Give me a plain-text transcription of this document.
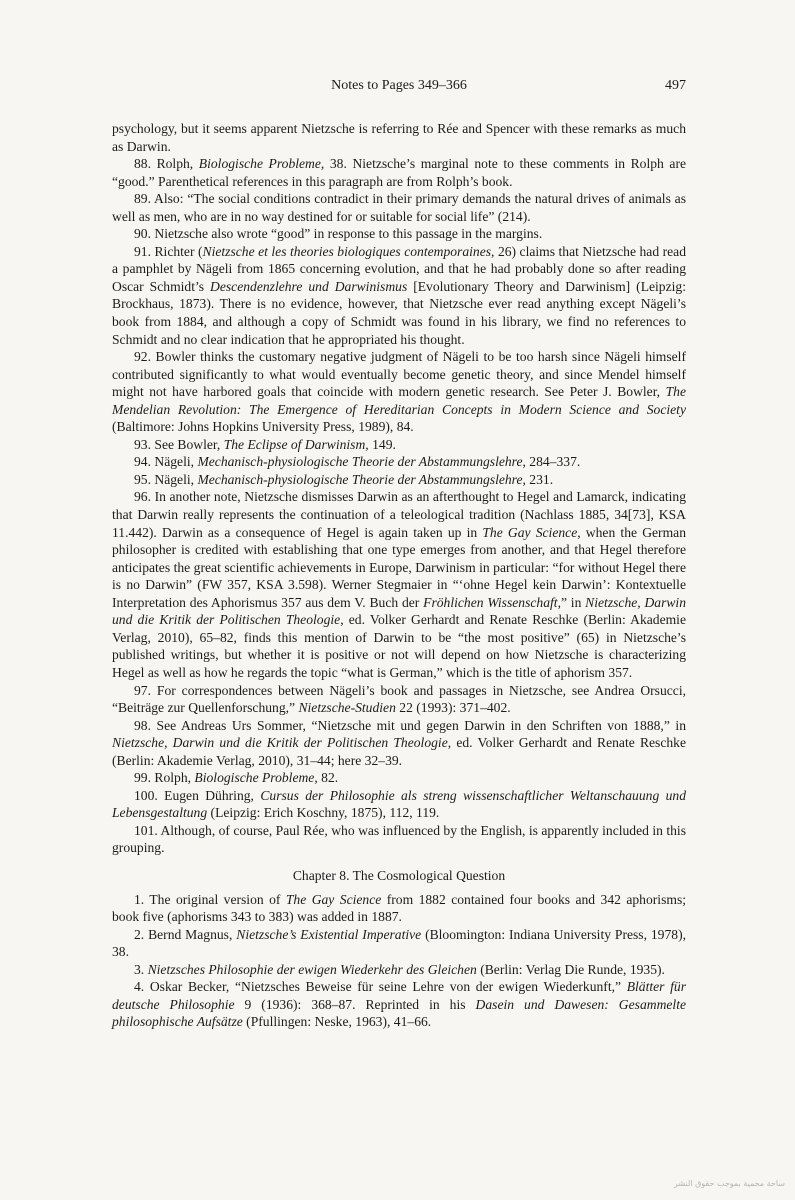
Notes to Pages 349–366	497

psychology, but it seems apparent Nietzsche is referring to Rée and Spencer with these remarks as much as Darwin.

88. Rolph, Biologische Probleme, 38. Nietzsche’s marginal note to these comments in Rolph are “good.” Parenthetical references in this paragraph are from Rolph’s book.

89. Also: “The social conditions contradict in their primary demands the natural drives of animals as well as men, who are in no way destined for or suitable for social life” (214).

90. Nietzsche also wrote “good” in response to this passage in the margins.

91. Richter (Nietzsche et les theories biologiques contemporaines, 26) claims that Nietzsche had read a pamphlet by Nägeli from 1865 concerning evolution, and that he had probably done so after reading Oscar Schmidt’s Descendenzlehre und Darwinismus [Evolutionary Theory and Darwinism] (Leipzig: Brockhaus, 1873). There is no evidence, however, that Nietzsche ever read anything except Nägeli’s book from 1884, and although a copy of Schmidt was found in his library, we find no references to Schmidt and no clear indication that he appropriated his thought.

92. Bowler thinks the customary negative judgment of Nägeli to be too harsh since Nägeli himself contributed significantly to what would eventually become genetic theory, and since Mendel himself might not have harbored goals that coincide with modern genetic research. See Peter J. Bowler, The Mendelian Revolution: The Emergence of Hereditarian Concepts in Modern Science and Society (Baltimore: Johns Hopkins University Press, 1989), 84.

93. See Bowler, The Eclipse of Darwinism, 149.

94. Nägeli, Mechanisch-physiologische Theorie der Abstammungslehre, 284–337.

95. Nägeli, Mechanisch-physiologische Theorie der Abstammungslehre, 231.

96. In another note, Nietzsche dismisses Darwin as an afterthought to Hegel and Lamarck, indicating that Darwin really represents the continuation of a teleological tradition (Nachlass 1885, 34[73], KSA 11.442). Darwin as a consequence of Hegel is again taken up in The Gay Science, when the German philosopher is credited with establishing that one type emerges from another, and that Hegel therefore anticipates the great scientific achievements in Europe, Darwinism in particular: “for without Hegel there is no Darwin” (FW 357, KSA 3.598). Werner Stegmaier in “‘ohne Hegel kein Darwin’: Kontextuelle Interpretation des Aphorismus 357 aus dem V. Buch der Fröhlichen Wissenschaft,” in Nietzsche, Darwin und die Kritik der Politischen Theologie, ed. Volker Gerhardt and Renate Reschke (Berlin: Akademie Verlag, 2010), 65–82, finds this mention of Darwin to be “the most positive” (65) in Nietzsche’s published writings, but whether it is positive or not will depend on how Nietzsche is characterizing Hegel as well as how he regards the topic “what is German,” which is the title of aphorism 357.

97. For correspondences between Nägeli’s book and passages in Nietzsche, see Andrea Orsucci, “Beiträge zur Quellenforschung,” Nietzsche-Studien 22 (1993): 371–402.

98. See Andreas Urs Sommer, “Nietzsche mit und gegen Darwin in den Schriften von 1888,” in Nietzsche, Darwin und die Kritik der Politischen Theologie, ed. Volker Gerhardt and Renate Reschke (Berlin: Akademie Verlag, 2010), 31–44; here 32–39.

99. Rolph, Biologische Probleme, 82.

100. Eugen Dühring, Cursus der Philosophie als streng wissenschaftlicher Weltanschauung und Lebensgestaltung (Leipzig: Erich Koschny, 1875), 112, 119.

101. Although, of course, Paul Rée, who was influenced by the English, is apparently included in this grouping.

Chapter 8. The Cosmological Question

1. The original version of The Gay Science from 1882 contained four books and 342 aphorisms; book five (aphorisms 343 to 383) was added in 1887.

2. Bernd Magnus, Nietzsche’s Existential Imperative (Bloomington: Indiana University Press, 1978), 38.

3. Nietzsches Philosophie der ewigen Wiederkehr des Gleichen (Berlin: Verlag Die Runde, 1935).

4. Oskar Becker, “Nietzsches Beweise für seine Lehre von der ewigen Wiederkunft,” Blätter für deutsche Philosophie 9 (1936): 368–87. Reprinted in his Dasein und Dawesen: Gesammelte philosophische Aufsätze (Pfullingen: Neske, 1963), 41–66.

ساحة محمية بموجب حقوق النشر
